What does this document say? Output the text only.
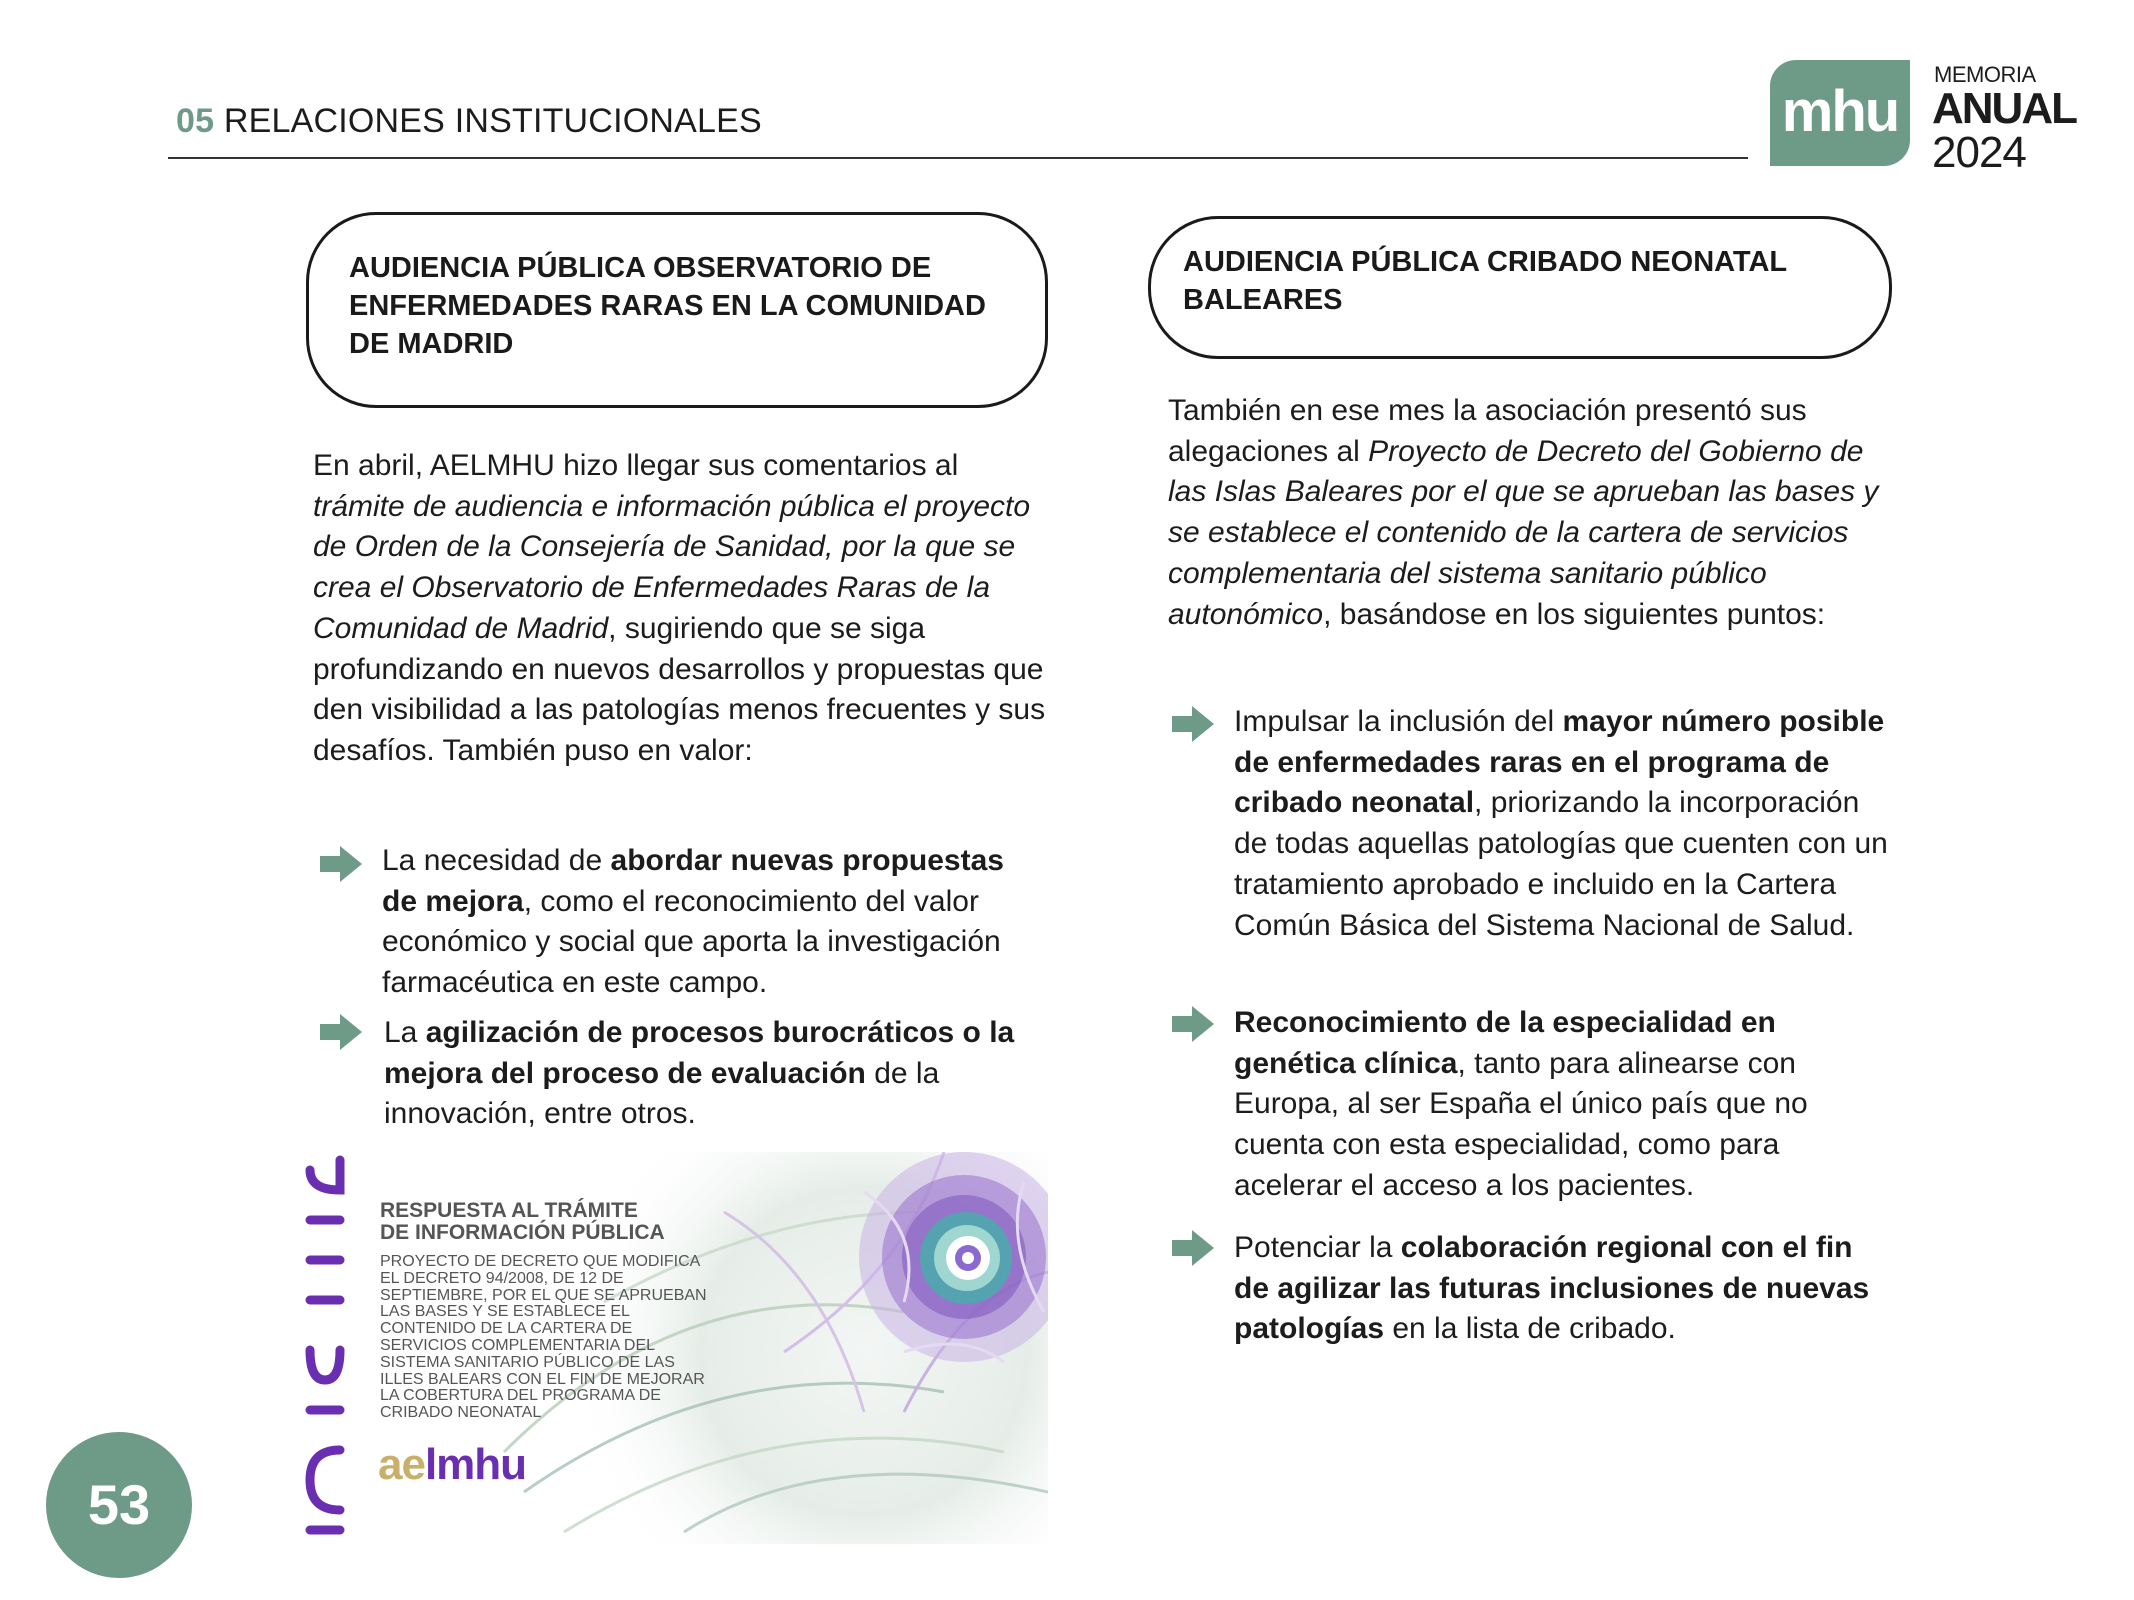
05 RELACIONES INSTITUCIONALES	mhu
MEMORIA
ANUAL
2024
AUDIENCIA PÚBLICA OBSERVATORIO DE ENFERMEDADES RARAS EN LA COMUNIDAD DE MADRID
En abril, AELMHU hizo llegar sus comentarios al trámite de audiencia e información pública el proyecto de Orden de la Consejería de Sanidad, por la que se crea el Observatorio de Enfermedades Raras de la Comunidad de Madrid, sugiriendo que se siga profundizando en nuevos desarrollos y propuestas que den visibilidad a las patologías menos frecuentes y sus desafíos. También puso en valor:
La necesidad de abordar nuevas propuestas de mejora, como el reconocimiento del valor económico y social que aporta la investigación farmacéutica en este campo.
La agilización de procesos burocráticos o la mejora del proceso de evaluación de la innovación, entre otros.
RESPUESTA AL TRÁMITE
DE INFORMACIÓN PÚBLICA
PROYECTO DE DECRETO QUE MODIFICA EL DECRETO 94/2008, DE 12 DE SEPTIEMBRE, POR EL QUE SE APRUEBAN LAS BASES Y SE ESTABLECE EL CONTENIDO DE LA CARTERA DE SERVICIOS COMPLEMENTARIA DEL SISTEMA SANITARIO PÚBLICO DE LAS ILLES BALEARS CON EL FIN DE MEJORAR LA COBERTURA DEL PROGRAMA DE CRIBADO NEONATAL
aelmhu
AUDIENCIA PÚBLICA CRIBADO NEONATAL BALEARES
También en ese mes la asociación presentó sus alegaciones al Proyecto de Decreto del Gobierno de las Islas Baleares por el que se aprueban las bases y se establece el contenido de la cartera de servicios complementaria del sistema sanitario público autonómico, basándose en los siguientes puntos:
Impulsar la inclusión del mayor número posible de enfermedades raras en el programa de cribado neonatal, priorizando la incorporación de todas aquellas patologías que cuenten con un tratamiento aprobado e incluido en la Cartera Común Básica del Sistema Nacional de Salud.
Reconocimiento de la especialidad en genética clínica, tanto para alinearse con Europa, al ser España el único país que no cuenta con esta especialidad, como para acelerar el acceso a los pacientes.
Potenciar la colaboración regional con el fin de agilizar las futuras inclusiones de nuevas patologías en la lista de cribado.
53
